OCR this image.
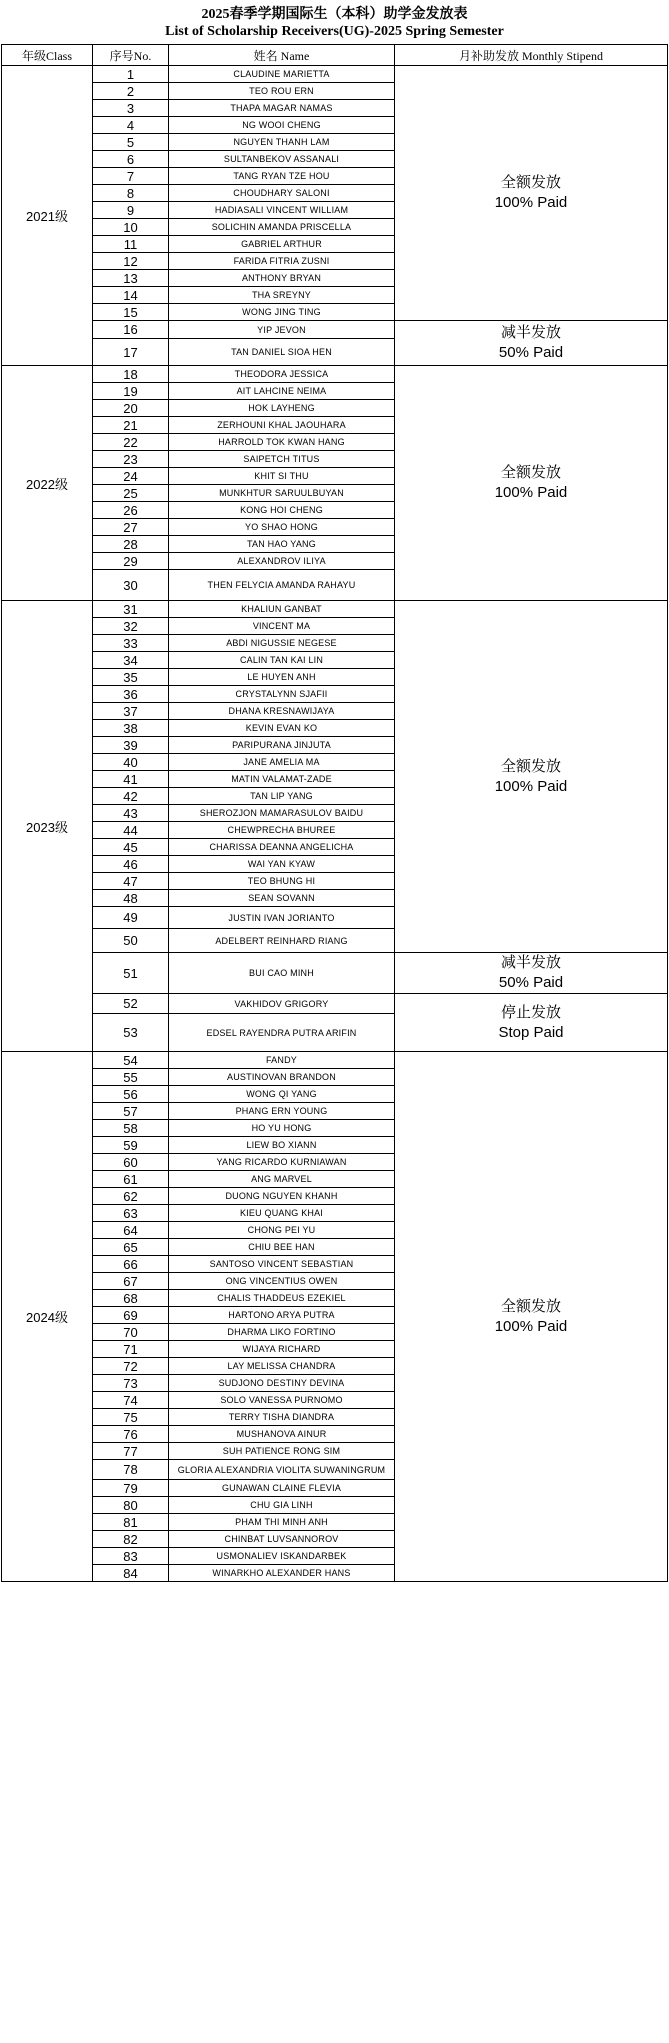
2025春季学期国际生（本科）助学金发放表
List of Scholarship Receivers(UG)-2025 Spring Semester
年级Class	序号No.	姓名 Name	月补助发放 Monthly Stipend
2021级	1	CLAUDINE MARIETTA	全额发放
100% Paid

	2	TEO ROU ERN	
	3	THAPA MAGAR NAMAS	
	4	NG WOOI CHENG	
	5	NGUYEN THANH LAM	
	6	SULTANBEKOV ASSANALI	
	7	TANG RYAN TZE HOU	
	8	CHOUDHARY SALONI	
	9	HADIASALI VINCENT WILLIAM	
	10	SOLICHIN AMANDA PRISCELLA	
	11	GABRIEL ARTHUR	
	12	FARIDA FITRIA ZUSNI	
	13	ANTHONY BRYAN	
	14	THA SREYNY	
	15	WONG JING TING	
	16	YIP JEVON	减半发放
50% Paid

	17	TAN DANIEL SIOA HEN	
2022级	18	THEODORA JESSICA	全额发放
100% Paid

	19	AIT LAHCINE NEIMA	
	20	HOK LAYHENG	
	21	ZERHOUNI KHAL JAOUHARA	
	22	HARROLD TOK KWAN HANG	
	23	SAIPETCH TITUS	
	24	KHIT SI THU	
	25	MUNKHTUR SARUULBUYAN	
	26	KONG HOI CHENG	
	27	YO SHAO HONG	
	28	TAN HAO YANG	
	29	ALEXANDROV ILIYA	
	30	THEN FELYCIA AMANDA RAHAYU	
2023级	31	KHALIUN GANBAT	全额发放
100% Paid

	32	VINCENT MA	
	33	ABDI NIGUSSIE NEGESE	
	34	CALIN TAN KAI LIN	
	35	LE HUYEN ANH	
	36	CRYSTALYNN SJAFII	
	37	DHANA KRESNAWIJAYA	
	38	KEVIN EVAN KO	
	39	PARIPURANA JINJUTA	
	40	JANE AMELIA MA	
	41	MATIN VALAMAT-ZADE	
	42	TAN LIP YANG	
	43	SHEROZJON MAMARASULOV BAIDU	
	44	CHEWPRECHA BHUREE	
	45	CHARISSA DEANNA ANGELICHA	
	46	WAI YAN KYAW	
	47	TEO BHUNG HI	
	48	SEAN SOVANN	
	49	JUSTIN IVAN JORIANTO	
	50	ADELBERT REINHARD RIANG	
	51	BUI CAO MINH	减半发放
50% Paid

	52	VAKHIDOV GRIGORY	停止发放
Stop Paid

	53	EDSEL RAYENDRA PUTRA ARIFIN	
2024级	54	FANDY	全额发放
100% Paid

	55	AUSTINOVAN BRANDON	
	56	WONG QI YANG	
	57	PHANG ERN YOUNG	
	58	HO YU HONG	
	59	LIEW BO XIANN	
	60	YANG RICARDO KURNIAWAN	
	61	ANG MARVEL	
	62	DUONG NGUYEN KHANH	
	63	KIEU QUANG KHAI	
	64	CHONG PEI YU	
	65	CHIU BEE HAN	
	66	SANTOSO VINCENT SEBASTIAN	
	67	ONG VINCENTIUS OWEN	
	68	CHALIS THADDEUS EZEKIEL	
	69	HARTONO ARYA PUTRA	
	70	DHARMA LIKO FORTINO	
	71	WIJAYA RICHARD	
	72	LAY MELISSA CHANDRA	
	73	SUDJONO DESTINY DEVINA	
	74	SOLO VANESSA PURNOMO	
	75	TERRY TISHA DIANDRA	
	76	MUSHANOVA AINUR	
	77	SUH PATIENCE RONG SIM	
	78	GLORIA ALEXANDRIA VIOLITA SUWANINGRUM	
	79	GUNAWAN CLAINE FLEVIA	
	80	CHU GIA LINH	
	81	PHAM THI MINH ANH	
	82	CHINBAT LUVSANNOROV	
	83	USMONALIEV ISKANDARBEK	
	84	WINARKHO ALEXANDER HANS	
